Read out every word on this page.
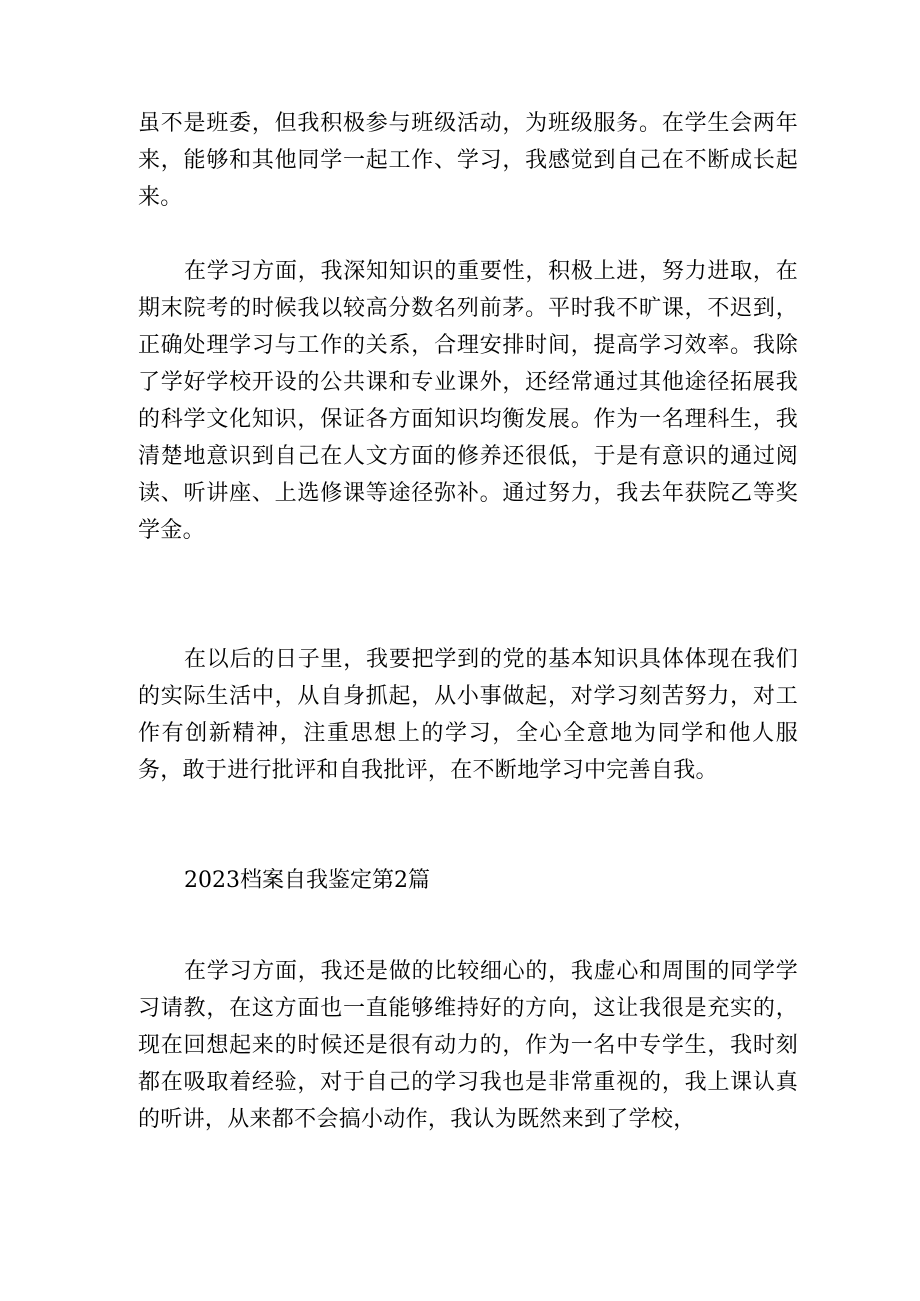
虽不是班委，但我积极参与班级活动，为班级服务。在学生会两年来，能够和其他同学一起工作、学习，我感觉到自己在不断成长起来。

在学习方面，我深知知识的重要性，积极上进，努力进取，在期末院考的时候我以较高分数名列前茅。平时我不旷课，不迟到，正确处理学习与工作的关系，合理安排时间，提高学习效率。我除了学好学校开设的公共课和专业课外，还经常通过其他途径拓展我的科学文化知识，保证各方面知识均衡发展。作为一名理科生，我清楚地意识到自己在人文方面的修养还很低，于是有意识的通过阅读、听讲座、上选修课等途径弥补。通过努力，我去年获院乙等奖学金。

在以后的日子里，我要把学到的党的基本知识具体体现在我们的实际生活中，从自身抓起，从小事做起，对学习刻苦努力，对工作有创新精神，注重思想上的学习，全心全意地为同学和他人服务，敢于进行批评和自我批评，在不断地学习中完善自我。

2023档案自我鉴定第2篇

在学习方面，我还是做的比较细心的，我虚心和周围的同学学习请教，在这方面也一直能够维持好的方向，这让我很是充实的，现在回想起来的时候还是很有动力的，作为一名中专学生，我时刻都在吸取着经验，对于自己的学习我也是非常重视的，我上课认真的听讲，从来都不会搞小动作，我认为既然来到了学校，
